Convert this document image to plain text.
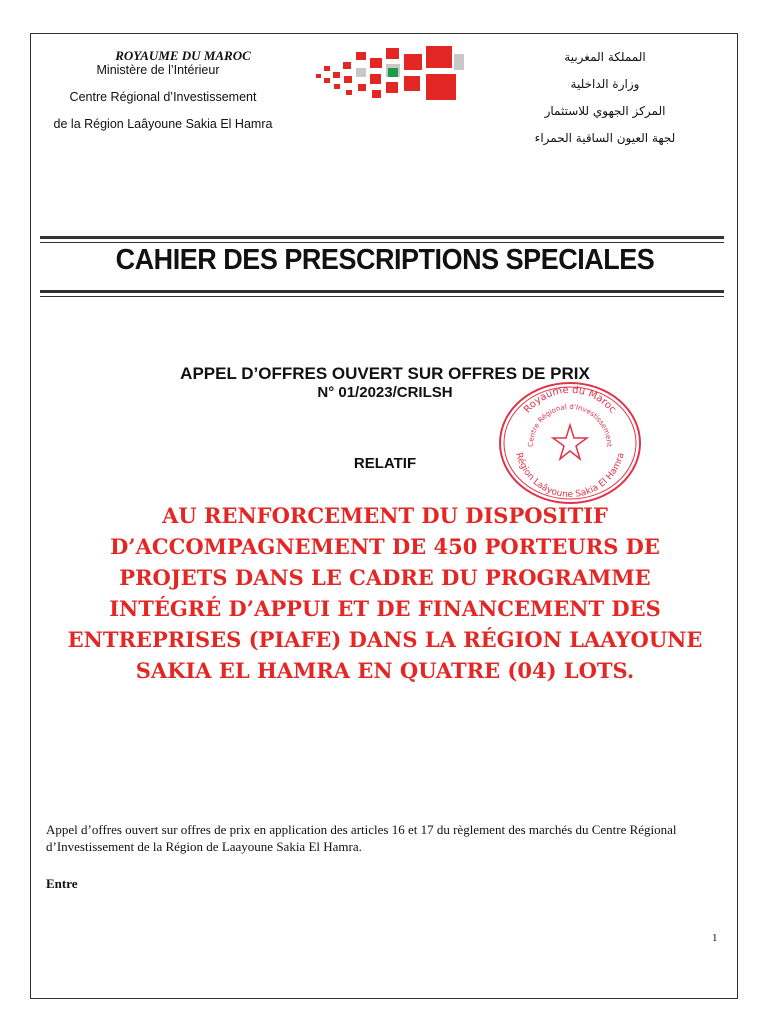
ROYAUME DU MAROC
Ministère de l’Intérieur
Centre Régional d’Investissement
de la Région Laâyoune Sakia El Hamra
المملكة المغربية
وزارة الداخلية
المركز الجهوي للاستثمار
لجهة العيون الساقية الحمراء
CAHIER DES PRESCRIPTIONS SPECIALES
APPEL D’OFFRES OUVERT SUR OFFRES DE PRIX
N° 01/2023/CRILSH
Royaume du Maroc
Centre Régional d'Investissement
Région Laâyoune Sakia El Hamra
RELATIF
AU RENFORCEMENT DU DISPOSITIF
D’ACCOMPAGNEMENT DE 450 PORTEURS DE
PROJETS DANS LE CADRE DU PROGRAMME
INTÉGRÉ D’APPUI ET DE FINANCEMENT DES
ENTREPRISES (PIAFE) DANS LA RÉGION LAAYOUNE
SAKIA EL HAMRA EN QUATRE (04) LOTS.
Appel d’offres ouvert sur offres de prix en application des articles 16 et 17 du règlement des marchés du Centre Régional d’Investissement de la Région de Laayoune Sakia El Hamra.
Entre
1
